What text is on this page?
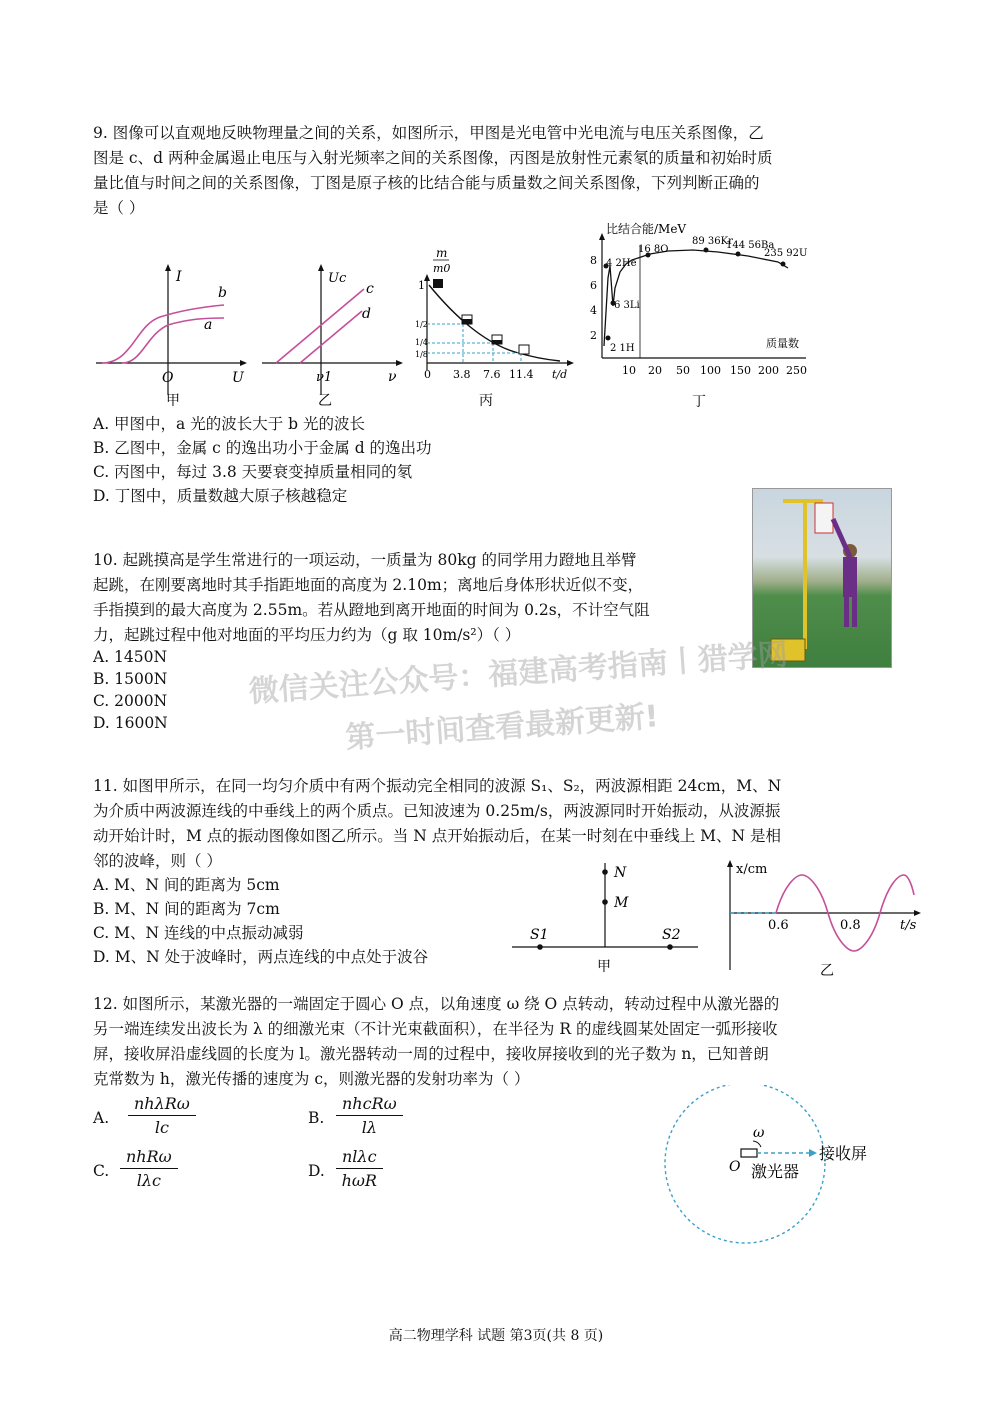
9. 图像可以直观地反映物理量之间的关系，如图所示，甲图是光电管中光电流与电压关系图像，乙
图是 c、d 两种金属遏止电压与入射光频率之间的关系图像，丙图是放射性元素氡的质量和初始时质
量比值与时间之间的关系图像，丁图是原子核的比结合能与质量数之间关系图像，下列判断正确的
是（ ）
I
b
a
O	U
甲
Uc
c
d
ν1	ν
乙
m
m0
1
1/2
1/4
1/8
0 3.8 7.6 11.4 t/d
丙
比结合能/MeV
8
6
4
2
4 2He
16 8O
89 36Kr
144 56Ba
235 92U
6 3Li
2 1H	质量数
10 20 50 100 150 200 250
丁
A. 甲图中，a 光的波长大于 b 光的波长
B. 乙图中，金属 c 的逸出功小于金属 d 的逸出功
C. 丙图中，每过 3.8 天要衰变掉质量相同的氡
D. 丁图中，质量数越大原子核越稳定
10. 起跳摸高是学生常进行的一项运动，一质量为 80kg 的同学用力蹬地且举臂
起跳，在刚要离地时其手指距地面的高度为 2.10m；离地后身体形状近似不变，
手指摸到的最大高度为 2.55m。若从蹬地到离开地面的时间为 0.2s，不计空气阻
力，起跳过程中他对地面的平均压力约为（g 取 10m/s²）（ ）
A. 1450N
B. 1500N
C. 2000N
D. 1600N
微信关注公众号：福建高考指南丨猎学网
第一时间查看最新更新!
11. 如图甲所示，在同一均匀介质中有两个振动完全相同的波源 S₁、S₂，两波源相距 24cm，M、N
为介质中两波源连线的中垂线上的两个质点。已知波速为 0.25m/s，两波源同时开始振动，从波源振
动开始计时，M 点的振动图像如图乙所示。当 N 点开始振动后，在某一时刻在中垂线上 M、N 是相
邻的波峰，则（ ）
A. M、N 间的距离为 5cm
B. M、N 间的距离为 7cm
C. M、N 连线的中点振动减弱
D. M、N 处于波峰时，两点连线的中点处于波谷
N
M
S1	S2
甲
x/cm
0.6	0.8	t/s
乙
12. 如图所示，某激光器的一端固定于圆心 O 点，以角速度 ω 绕 O 点转动，转动过程中从激光器的
另一端连续发出波长为 λ 的细激光束（不计光束截面积），在半径为 R 的虚线圆某处固定一弧形接收
屏，接收屏沿虚线圆的长度为 l。激光器转动一周的过程中，接收屏接收到的光子数为 n，已知普朗
克常数为 h，激光传播的速度为 c，则激光器的发射功率为（ ）
A.
nhλRω
lc	B.
nhcRω
lλ
C.
nhRω
lλc	D.
nlλc
hωR
ω
O 激光器
接收屏
高二物理学科 试题 第3页(共 8 页)
